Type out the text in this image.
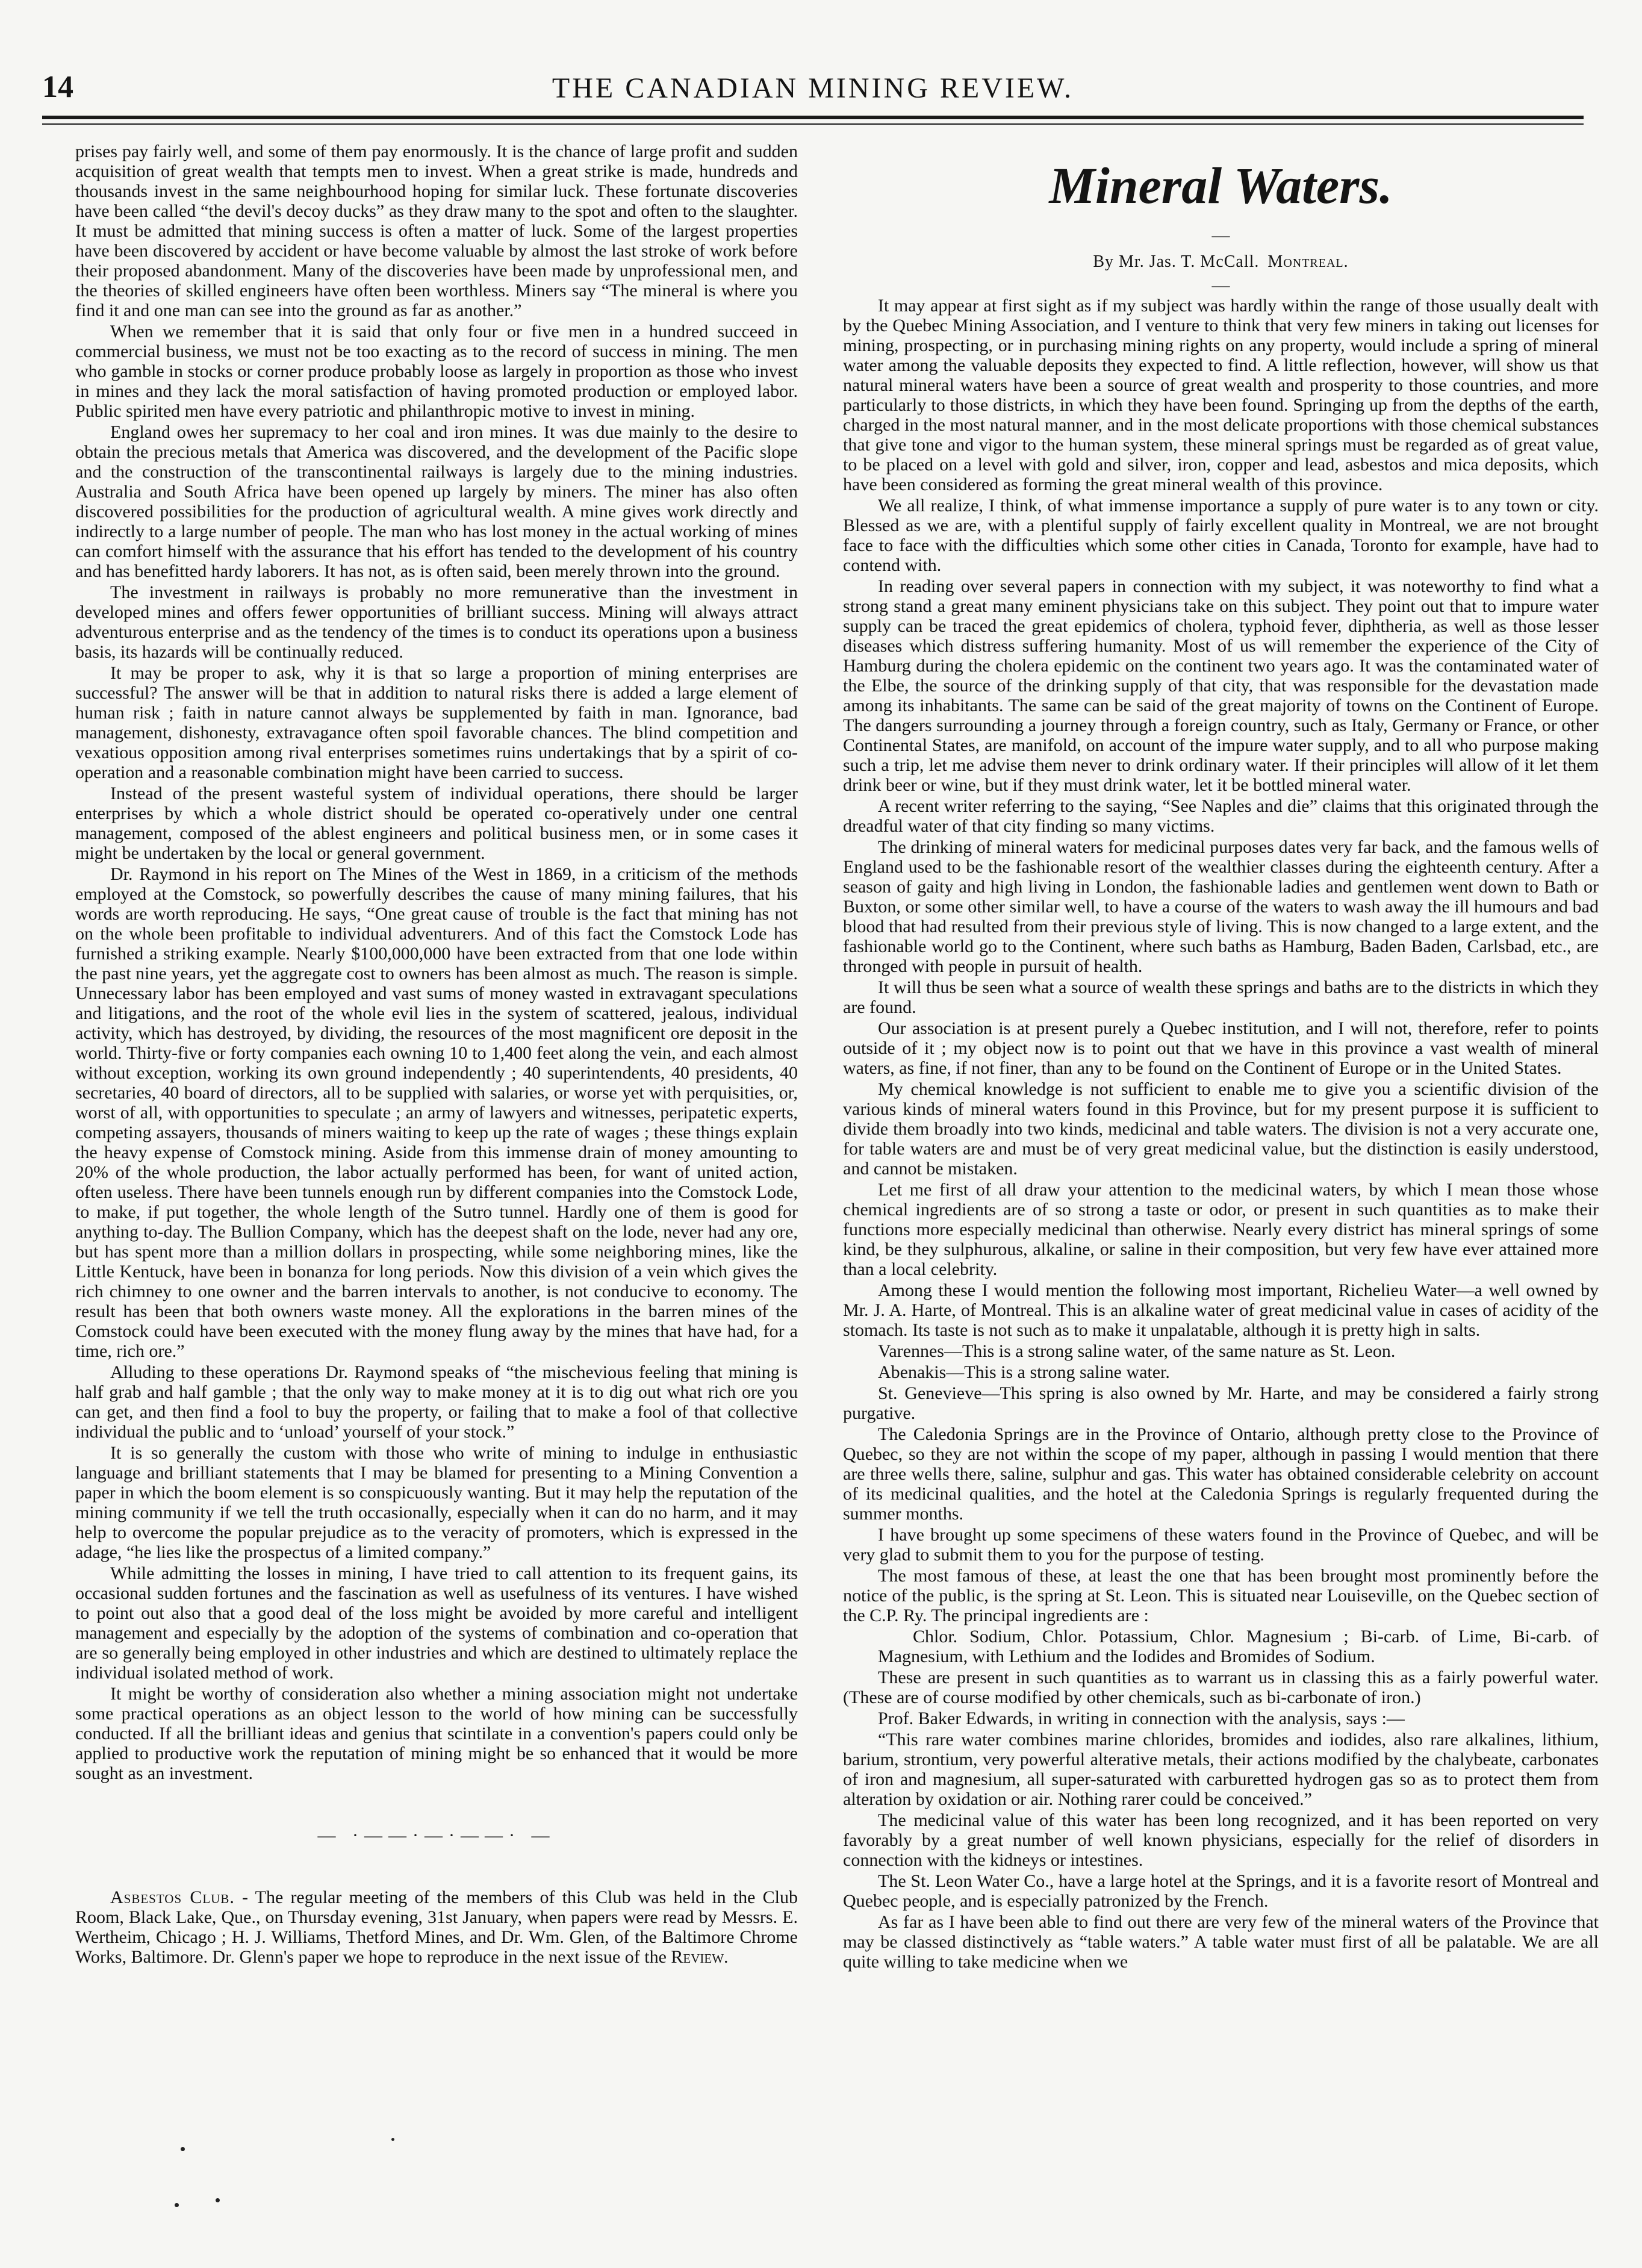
14	THE CANADIAN MINING REVIEW.

prises pay fairly well, and some of them pay enormously. It is the chance of large profit and sudden acquisition of great wealth that tempts men to invest. When a great strike is made, hundreds and thousands invest in the same neighbourhood hoping for similar luck. These fortunate discoveries have been called “the devil's decoy ducks” as they draw many to the spot and often to the slaughter. It must be admitted that mining success is often a matter of luck. Some of the largest properties have been discovered by accident or have become valuable by almost the last stroke of work before their proposed abandonment. Many of the discoveries have been made by unprofessional men, and the theories of skilled engineers have often been worthless. Miners say “The mineral is where you find it and one man can see into the ground as far as another.”

When we remember that it is said that only four or five men in a hundred succeed in commercial business, we must not be too exacting as to the record of success in mining. The men who gamble in stocks or corner produce probably loose as largely in proportion as those who invest in mines and they lack the moral satisfaction of having promoted production or employed labor. Public spirited men have every patriotic and philanthropic motive to invest in mining.

England owes her supremacy to her coal and iron mines. It was due mainly to the desire to obtain the precious metals that America was discovered, and the development of the Pacific slope and the construction of the transcontinental railways is largely due to the mining industries. Australia and South Africa have been opened up largely by miners. The miner has also often discovered possibilities for the production of agricultural wealth. A mine gives work directly and indirectly to a large number of people. The man who has lost money in the actual working of mines can comfort himself with the assurance that his effort has tended to the development of his country and has benefitted hardy laborers. It has not, as is often said, been merely thrown into the ground.

The investment in railways is probably no more remunerative than the investment in developed mines and offers fewer opportunities of brilliant success. Mining will always attract adventurous enterprise and as the tendency of the times is to conduct its operations upon a business basis, its hazards will be continually reduced.

It may be proper to ask, why it is that so large a proportion of mining enterprises are successful? The answer will be that in addition to natural risks there is added a large element of human risk ; faith in nature cannot always be supplemented by faith in man. Ignorance, bad management, dishonesty, extravagance often spoil favorable chances. The blind competition and vexatious opposition among rival enterprises sometimes ruins undertakings that by a spirit of co-operation and a reasonable combination might have been carried to success.

Instead of the present wasteful system of individual operations, there should be larger enterprises by which a whole district should be operated co-operatively under one central management, composed of the ablest engineers and political business men, or in some cases it might be undertaken by the local or general government.

Dr. Raymond in his report on The Mines of the West in 1869, in a criticism of the methods employed at the Comstock, so powerfully describes the cause of many mining failures, that his words are worth reproducing. He says, “One great cause of trouble is the fact that mining has not on the whole been profitable to individual adventurers. And of this fact the Comstock Lode has furnished a striking example. Nearly $100,000,000 have been extracted from that one lode within the past nine years, yet the aggregate cost to owners has been almost as much. The reason is simple. Unnecessary labor has been employed and vast sums of money wasted in extravagant speculations and litigations, and the root of the whole evil lies in the system of scattered, jealous, individual activity, which has destroyed, by dividing, the resources of the most magnificent ore deposit in the world. Thirty-five or forty companies each owning 10 to 1,400 feet along the vein, and each almost without exception, working its own ground independently ; 40 superintendents, 40 presidents, 40 secretaries, 40 board of directors, all to be supplied with salaries, or worse yet with perquisities, or, worst of all, with opportunities to speculate ; an army of lawyers and witnesses, peripatetic experts, competing assayers, thousands of miners waiting to keep up the rate of wages ; these things explain the heavy expense of Comstock mining. Aside from this immense drain of money amounting to 20% of the whole production, the labor actually performed has been, for want of united action, often useless. There have been tunnels enough run by different companies into the Comstock Lode, to make, if put together, the whole length of the Sutro tunnel. Hardly one of them is good for anything to-day. The Bullion Company, which has the deepest shaft on the lode, never had any ore, but has spent more than a million dollars in prospecting, while some neighboring mines, like the Little Kentuck, have been in bonanza for long periods. Now this division of a vein which gives the rich chimney to one owner and the barren intervals to another, is not conducive to economy. The result has been that both owners waste money. All the explorations in the barren mines of the Comstock could have been executed with the money flung away by the mines that have had, for a time, rich ore.”

Alluding to these operations Dr. Raymond speaks of “the mischevious feeling that mining is half grab and half gamble ; that the only way to make money at it is to dig out what rich ore you can get, and then find a fool to buy the property, or failing that to make a fool of that collective individual the public and to ‘unload’ yourself of your stock.”

It is so generally the custom with those who write of mining to indulge in enthusiastic language and brilliant statements that I may be blamed for presenting to a Mining Convention a paper in which the boom element is so conspicuously wanting. But it may help the reputation of the mining community if we tell the truth occasionally, especially when it can do no harm, and it may help to overcome the popular prejudice as to the veracity of promoters, which is expressed in the adage, “he lies like the prospectus of a limited company.”

While admitting the losses in mining, I have tried to call attention to its frequent gains, its occasional sudden fortunes and the fascination as well as usefulness of its ventures. I have wished to point out also that a good deal of the loss might be avoided by more careful and intelligent management and especially by the adoption of the systems of combination and co-operation that are so generally being employed in other industries and which are destined to ultimately replace the individual isolated method of work.

It might be worthy of consideration also whether a mining association might not undertake some practical operations as an object lesson to the world of how mining can be successfully conducted. If all the brilliant ideas and genius that scintilate in a convention's papers could only be applied to productive work the reputation of mining might be so enhanced that it would be more sought as an investment.

— ·——·—·——· —

Asbestos Club. - The regular meeting of the members of this Club was held in the Club Room, Black Lake, Que., on Thursday evening, 31st January, when papers were read by Messrs. E. Wertheim, Chicago ; H. J. Williams, Thetford Mines, and Dr. Wm. Glen, of the Baltimore Chrome Works, Baltimore. Dr. Glenn's paper we hope to reproduce in the next issue of the Review.

Mineral Waters.
—
By Mr. Jas. T. McCall. Montreal.
—

It may appear at first sight as if my subject was hardly within the range of those usually dealt with by the Quebec Mining Association, and I venture to think that very few miners in taking out licenses for mining, prospecting, or in purchasing mining rights on any property, would include a spring of mineral water among the valuable deposits they expected to find. A little reflection, however, will show us that natural mineral waters have been a source of great wealth and prosperity to those countries, and more particularly to those districts, in which they have been found. Springing up from the depths of the earth, charged in the most natural manner, and in the most delicate proportions with those chemical substances that give tone and vigor to the human system, these mineral springs must be regarded as of great value, to be placed on a level with gold and silver, iron, copper and lead, asbestos and mica deposits, which have been considered as forming the great mineral wealth of this province.

We all realize, I think, of what immense importance a supply of pure water is to any town or city. Blessed as we are, with a plentiful supply of fairly excellent quality in Montreal, we are not brought face to face with the difficulties which some other cities in Canada, Toronto for example, have had to contend with.

In reading over several papers in connection with my subject, it was noteworthy to find what a strong stand a great many eminent physicians take on this subject. They point out that to impure water supply can be traced the great epidemics of cholera, typhoid fever, diphtheria, as well as those lesser diseases which distress suffering humanity. Most of us will remember the experience of the City of Hamburg during the cholera epidemic on the continent two years ago. It was the contaminated water of the Elbe, the source of the drinking supply of that city, that was responsible for the devastation made among its inhabitants. The same can be said of the great majority of towns on the Continent of Europe. The dangers surrounding a journey through a foreign country, such as Italy, Germany or France, or other Continental States, are manifold, on account of the impure water supply, and to all who purpose making such a trip, let me advise them never to drink ordinary water. If their principles will allow of it let them drink beer or wine, but if they must drink water, let it be bottled mineral water.

A recent writer referring to the saying, “See Naples and die” claims that this originated through the dreadful water of that city finding so many victims.

The drinking of mineral waters for medicinal purposes dates very far back, and the famous wells of England used to be the fashionable resort of the wealthier classes during the eighteenth century. After a season of gaity and high living in London, the fashionable ladies and gentlemen went down to Bath or Buxton, or some other similar well, to have a course of the waters to wash away the ill humours and bad blood that had resulted from their previous style of living. This is now changed to a large extent, and the fashionable world go to the Continent, where such baths as Hamburg, Baden Baden, Carlsbad, etc., are thronged with people in pursuit of health.

It will thus be seen what a source of wealth these springs and baths are to the districts in which they are found.

Our association is at present purely a Quebec institution, and I will not, therefore, refer to points outside of it ; my object now is to point out that we have in this province a vast wealth of mineral waters, as fine, if not finer, than any to be found on the Continent of Europe or in the United States.

My chemical knowledge is not sufficient to enable me to give you a scientific division of the various kinds of mineral waters found in this Province, but for my present purpose it is sufficient to divide them broadly into two kinds, medicinal and table waters. The division is not a very accurate one, for table waters are and must be of very great medicinal value, but the distinction is easily understood, and cannot be mistaken.

Let me first of all draw your attention to the medicinal waters, by which I mean those whose chemical ingredients are of so strong a taste or odor, or present in such quantities as to make their functions more especially medicinal than otherwise. Nearly every district has mineral springs of some kind, be they sulphurous, alkaline, or saline in their composition, but very few have ever attained more than a local celebrity.

Among these I would mention the following most important, Richelieu Water—a well owned by Mr. J. A. Harte, of Montreal. This is an alkaline water of great medicinal value in cases of acidity of the stomach. Its taste is not such as to make it unpalatable, although it is pretty high in salts.

Varennes—This is a strong saline water, of the same nature as St. Leon.

Abenakis—This is a strong saline water.

St. Genevieve—This spring is also owned by Mr. Harte, and may be considered a fairly strong purgative.

The Caledonia Springs are in the Province of Ontario, although pretty close to the Province of Quebec, so they are not within the scope of my paper, although in passing I would mention that there are three wells there, saline, sulphur and gas. This water has obtained considerable celebrity on account of its medicinal qualities, and the hotel at the Caledonia Springs is regularly frequented during the summer months.

I have brought up some specimens of these waters found in the Province of Quebec, and will be very glad to submit them to you for the purpose of testing.

The most famous of these, at least the one that has been brought most prominently before the notice of the public, is the spring at St. Leon. This is situated near Louiseville, on the Quebec section of the C.P. Ry. The principal ingredients are :

Chlor. Sodium, Chlor. Potassium, Chlor. Magnesium ; Bi-carb. of Lime, Bi-carb. of Magnesium, with Lethium and the Iodides and Bromides of Sodium.

These are present in such quantities as to warrant us in classing this as a fairly powerful water. (These are of course modified by other chemicals, such as bi-carbonate of iron.)

Prof. Baker Edwards, in writing in connection with the analysis, says :—

“This rare water combines marine chlorides, bromides and iodides, also rare alkalines, lithium, barium, strontium, very powerful alterative metals, their actions modified by the chalybeate, carbonates of iron and magnesium, all super-saturated with carburetted hydrogen gas so as to protect them from alteration by oxidation or air. Nothing rarer could be conceived.”

The medicinal value of this water has been long recognized, and it has been reported on very favorably by a great number of well known physicians, especially for the relief of disorders in connection with the kidneys or intestines.

The St. Leon Water Co., have a large hotel at the Springs, and it is a favorite resort of Montreal and Quebec people, and is especially patronized by the French.

As far as I have been able to find out there are very few of the mineral waters of the Province that may be classed distinctively as “table waters.” A table water must first of all be palatable. We are all quite willing to take medicine when we
